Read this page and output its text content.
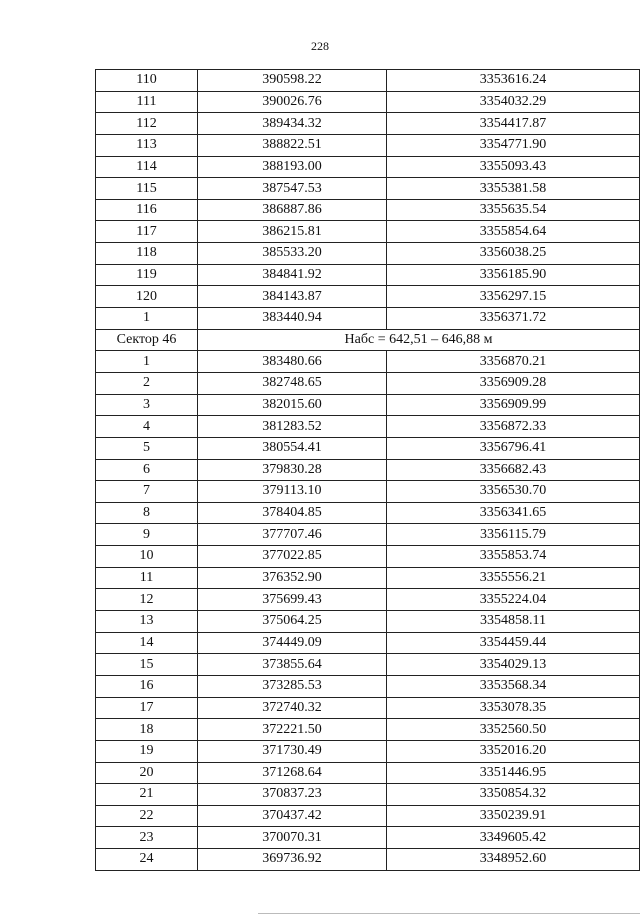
228
110	390598.22	3353616.24
111	390026.76	3354032.29
112	389434.32	3354417.87
113	388822.51	3354771.90
114	388193.00	3355093.43
115	387547.53	3355381.58
116	386887.86	3355635.54
117	386215.81	3355854.64
118	385533.20	3356038.25
119	384841.92	3356185.90
120	384143.87	3356297.15
1	383440.94	3356371.72
Сектор 46	Набс = 642,51 – 646,88 м	
1	383480.66	3356870.21
2	382748.65	3356909.28
3	382015.60	3356909.99
4	381283.52	3356872.33
5	380554.41	3356796.41
6	379830.28	3356682.43
7	379113.10	3356530.70
8	378404.85	3356341.65
9	377707.46	3356115.79
10	377022.85	3355853.74
11	376352.90	3355556.21
12	375699.43	3355224.04
13	375064.25	3354858.11
14	374449.09	3354459.44
15	373855.64	3354029.13
16	373285.53	3353568.34
17	372740.32	3353078.35
18	372221.50	3352560.50
19	371730.49	3352016.20
20	371268.64	3351446.95
21	370837.23	3350854.32
22	370437.42	3350239.91
23	370070.31	3349605.42
24	369736.92	3348952.60
